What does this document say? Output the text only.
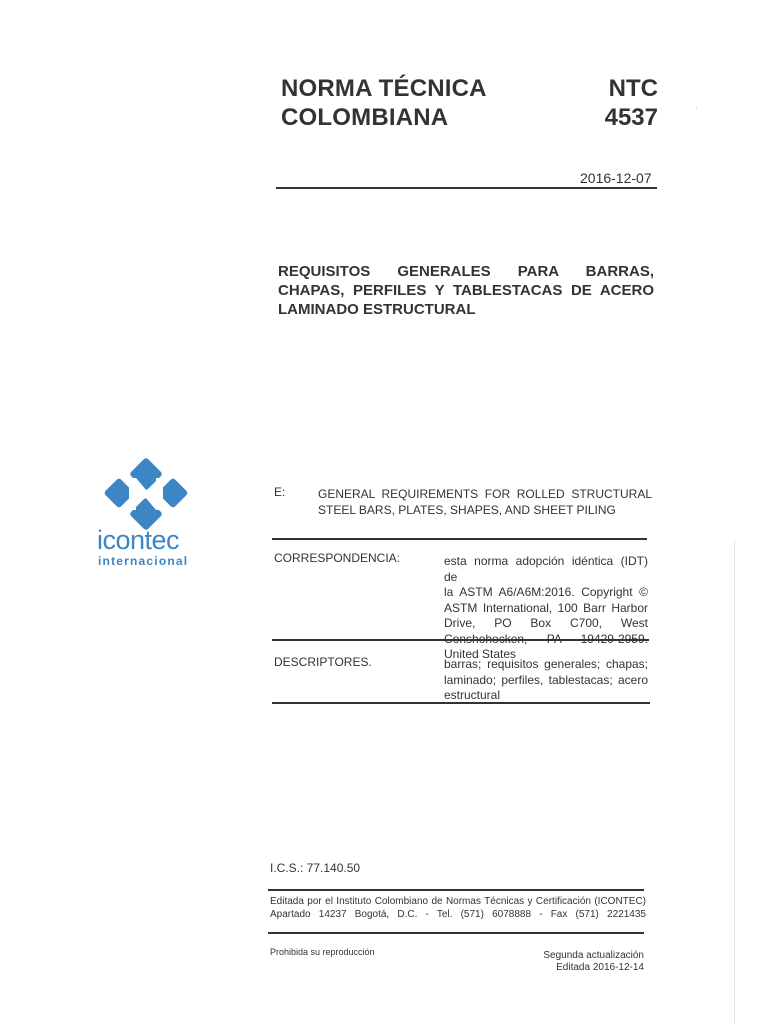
NORMA TÉCNICA
COLOMBIANA
NTC
4537
2016-12-07
REQUISITOS GENERALES PARA BARRAS,
CHAPAS, PERFILES Y TABLESTACAS DE ACERO
LAMINADO ESTRUCTURAL
icontec
internacional
E:	GENERAL REQUIREMENTS FOR ROLLED STRUCTURAL
STEEL BARS, PLATES, SHAPES, AND SHEET PILING
CORRESPONDENCIA:	esta norma adopción idéntica (IDT) de
la ASTM A6/A6M:2016. Copyright ©
ASTM International, 100 Barr Harbor
Drive, PO Box C700, West
Conshohocken, PA 19429-2959.
United States
DESCRIPTORES.	barras; requisitos generales; chapas;
laminado; perfiles, tablestacas; acero
estructural
I.C.S.: 77.140.50
Editada por el Instituto Colombiano de Normas Técnicas y Certificación (ICONTEC)
Apartado 14237 Bogotá, D.C. - Tel. (571) 6078888 - Fax (571) 2221435
Prohibida su reproducción	Segunda actualización
Editada 2016-12-14
